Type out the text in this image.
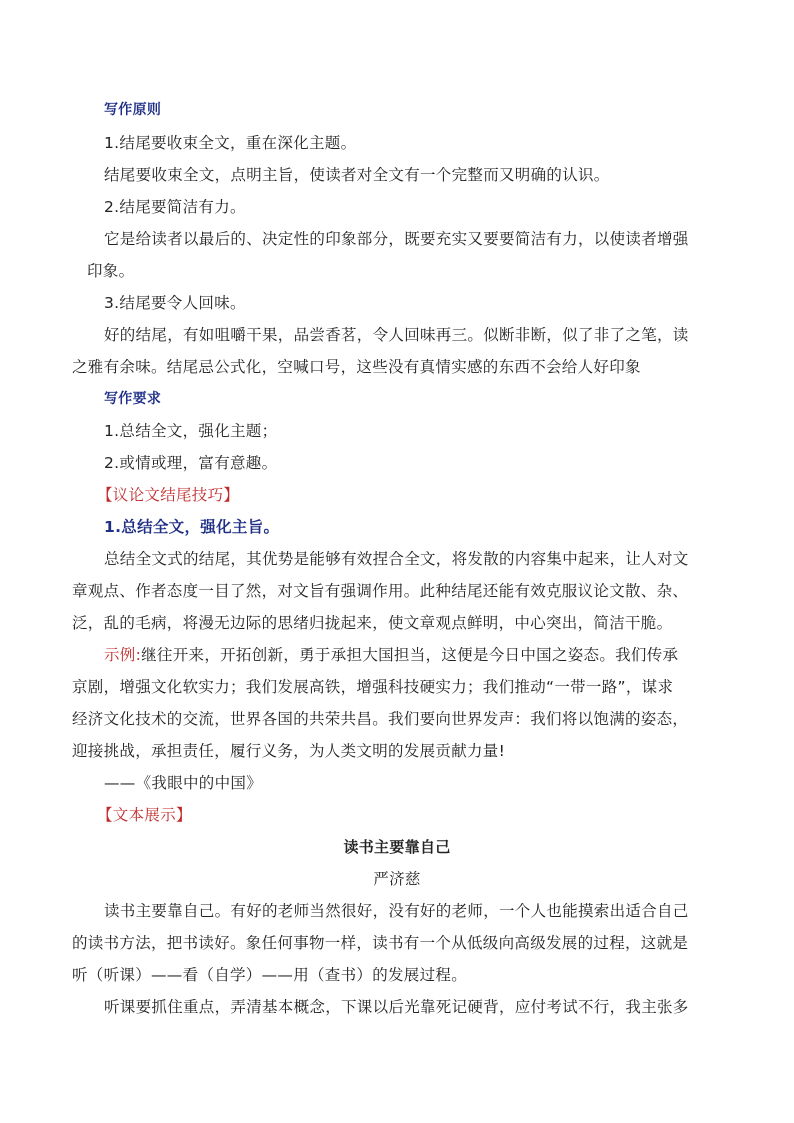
写作原则
1.结尾要收束全文，重在深化主题。
结尾要收束全文，点明主旨，使读者对全文有一个完整而又明确的认识。
2.结尾要简洁有力。
它是给读者以最后的、决定性的印象部分，既要充实又要要简洁有力，以使读者增强
印象。
3.结尾要令人回味。
好的结尾，有如咀嚼干果，品尝香茗，令人回味再三。似断非断，似了非了之笔，读
之雅有余味。结尾忌公式化，空喊口号，这些没有真情实感的东西不会给人好印象
写作要求
1.总结全文，强化主题；
2.或情或理，富有意趣。
【议论文结尾技巧】
1.总结全文，强化主旨。
总结全文式的结尾，其优势是能够有效捏合全文，将发散的内容集中起来，让人对文
章观点、作者态度一目了然，对文旨有强调作用。此种结尾还能有效克服议论文散、杂、
泛，乱的毛病，将漫无边际的思绪归拢起来，使文章观点鲜明，中心突出，简洁干脆。
示例:继往开来，开拓创新，勇于承担大国担当，这便是今日中国之姿态。我们传承
京剧，增强文化软实力；我们发展高铁，增强科技硬实力；我们推动“一带一路”，谋求
经济文化技术的交流，世界各国的共荣共昌。我们要向世界发声：我们将以饱满的姿态，
迎接挑战，承担责任，履行义务，为人类文明的发展贡献力量!
——《我眼中的中国》
【文本展示】
读书主要靠自己
严济慈
读书主要靠自己。有好的老师当然很好，没有好的老师，一个人也能摸索出适合自己
的读书方法，把书读好。象任何事物一样，读书有一个从低级向高级发展的过程，这就是
听（听课）——看（自学）——用（查书）的发展过程。
听课要抓住重点，弄清基本概念，下课以后光靠死记硬背，应付考试不行，我主张多
